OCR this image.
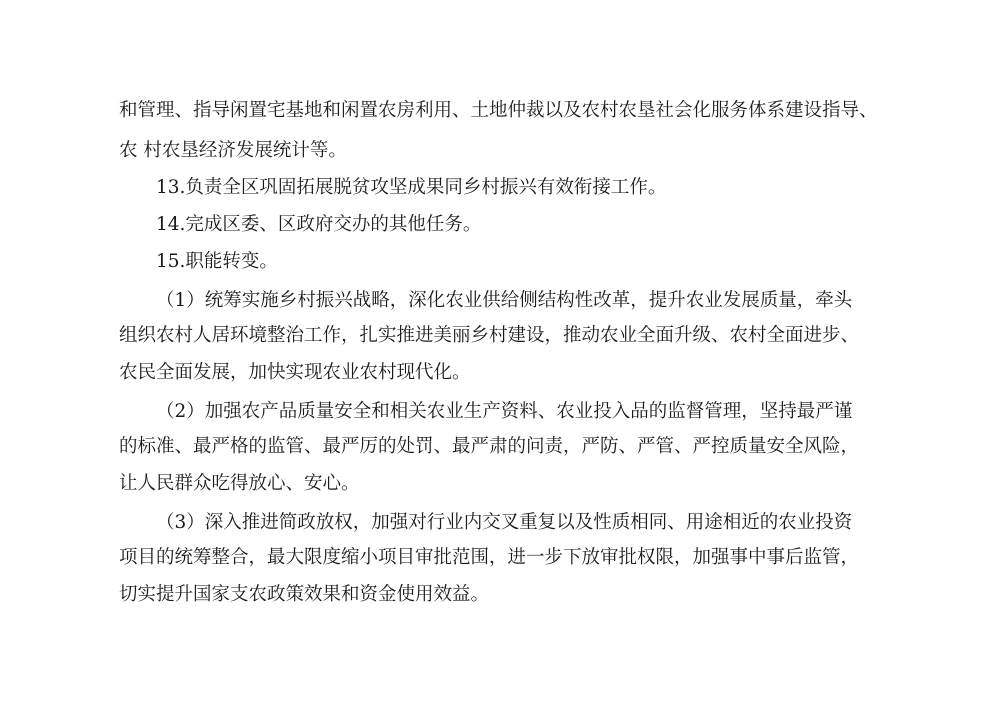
和管理、指导闲置宅基地和闲置农房利用、土地仲裁以及农村农垦社会化服务体系建设指导、
农 村农垦经济发展统计等。
13.负责全区巩固拓展脱贫攻坚成果同乡村振兴有效衔接工作。
14.完成区委、区政府交办的其他任务。
15.职能转变。
（1）统筹实施乡村振兴战略，深化农业供给侧结构性改革，提升农业发展质量，牵头
组织农村人居环境整治工作，扎实推进美丽乡村建设，推动农业全面升级、农村全面进步、
农民全面发展，加快实现农业农村现代化。
（2）加强农产品质量安全和相关农业生产资料、农业投入品的监督管理，坚持最严谨
的标准、最严格的监管、最严厉的处罚、最严肃的问责，严防、严管、严控质量安全风险，
让人民群众吃得放心、安心。
（3）深入推进简政放权，加强对行业内交叉重复以及性质相同、用途相近的农业投资
项目的统筹整合，最大限度缩小项目审批范围，进一步下放审批权限，加强事中事后监管，
切实提升国家支农政策效果和资金使用效益。
